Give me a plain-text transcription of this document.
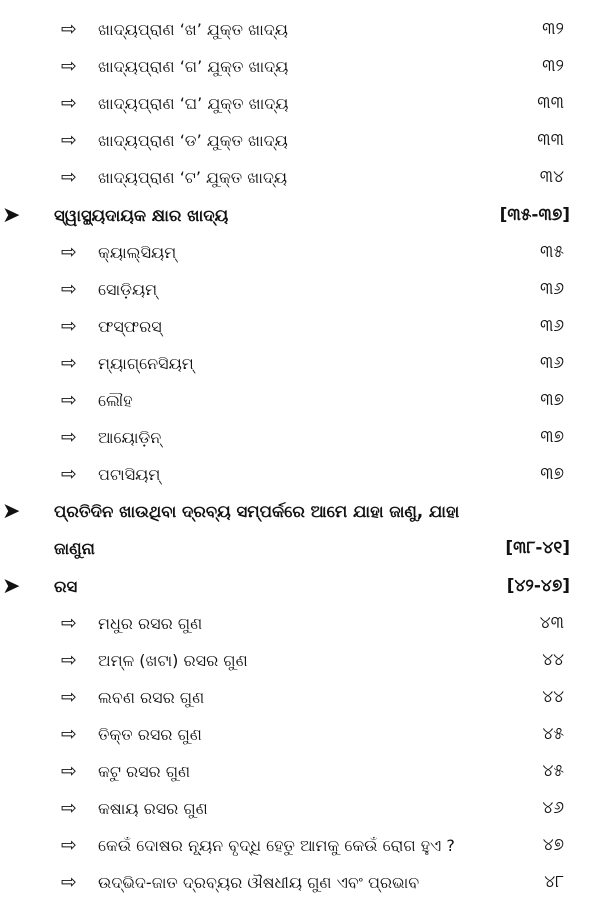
⇨ ଖାଦ୍ୟପ୍ରାଣ ‘ଖ’ ଯୁକ୍ତ ଖାଦ୍ୟ	୩୨
⇨ ଖାଦ୍ୟପ୍ରାଣ ‘ଗ’ ଯୁକ୍ତ ଖାଦ୍ୟ	୩୨
⇨ ଖାଦ୍ୟପ୍ରାଣ ‘ଘ’ ଯୁକ୍ତ ଖାଦ୍ୟ	୩୩
⇨ ଖାଦ୍ୟପ୍ରାଣ ‘ଡ’ ଯୁକ୍ତ ଖାଦ୍ୟ	୩୩
⇨ ଖାଦ୍ୟପ୍ରାଣ ‘ଟ’ ଯୁକ୍ତ ଖାଦ୍ୟ	୩୪
➤ ସ୍ୱାସ୍ଥ୍ୟଦାୟକ କ୍ଷାର ଖାଦ୍ୟ	[୩୫-୩୭]
⇨ କ୍ୟାଲ୍‌ସିୟମ୍	୩୫
⇨ ସୋଡ଼ିୟମ୍	୩୬
⇨ ଫସ୍‌ଫରସ୍	୩୬
⇨ ମ୍ୟାଗ୍ନେସିୟମ୍	୩୬
⇨ ଲୌହ	୩୭
⇨ ଆୟୋଡ଼ିନ୍	୩୭
⇨ ପଟାସିୟମ୍	୩୭
➤ ପ୍ରତିଦିନ ଖାଉଥିବା ଦ୍ରବ୍ୟ ସମ୍ପର୍କରେ ଆମେ ଯାହା ଜାଣୁ, ଯାହା
ଜାଣୁନା	[୩୮-୪୧]
➤ ରସ	[୪୨-୪୭]
⇨ ମଧୁର ରସର ଗୁଣ	୪୩
⇨ ଅମ୍ଳ (ଖଟା) ରସର ଗୁଣ	୪୪
⇨ ଲବଣ ରସର ଗୁଣ	୪୪
⇨ ତିକ୍ତ ରସର ଗୁଣ	୪୫
⇨ କଟୁ ରସର ଗୁଣ	୪୫
⇨ କଷାୟ ରସର ଗୁଣ	୪୬
⇨ କେଉଁ ଦୋଷର ନ୍ୟୂନ ବୃଦ୍ଧି ହେତୁ ଆମକୁ କେଉଁ ରୋଗ ହୁଏ ?	୪୭
⇨ ଉଦ୍ଭିଦ-ଜାତ ଦ୍ରବ୍ୟର ଔଷଧୀୟ ଗୁଣ ଏବଂ ପ୍ରଭାବ	୪୮
